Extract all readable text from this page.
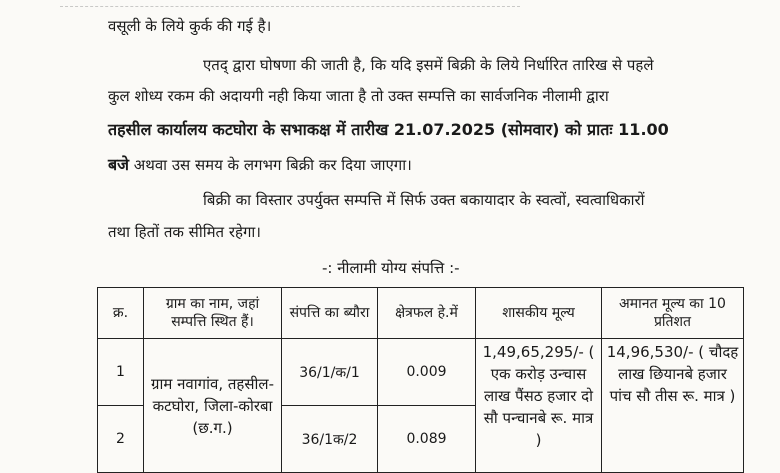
वसूली के लिये कुर्क की गई है।
एतद् द्वारा घोषणा की जाती है, कि यदि इसमें बिक्री के लिये निर्धारित तारिख से पहले
कुल शोध्य रकम की अदायगी नही किया जाता है तो उक्त सम्पत्ति का सार्वजनिक नीलामी द्वारा
तहसील कार्यालय कटघोरा के सभाकक्ष में तारीख 21.07.2025 (सोमवार) को प्रातः 11.00
बजे अथवा उस समय के लगभग बिक्री कर दिया जाएगा।
बिक्री का विस्तार उपर्युक्त सम्पत्ति में सिर्फ उक्त बकायादार के स्वत्वों, स्वत्वाधिकारों
तथा हितों तक सीमित रहेगा।
-: नीलामी योग्य संपत्ति :-
क्र.	ग्राम का नाम, जहां सम्पत्ति स्थित हैं।	संपत्ति का ब्यौरा	क्षेत्रफल हे.में	शासकीय मूल्य	अमानत मूल्य का 10 प्रतिशत
1	ग्राम नवागांव, तहसील- कटघोरा, जिला-कोरबा (छ.ग.)	36/1/क/1	0.009	1,49,65,295/- ( एक करोड़ उन्चास लाख पैंसठ हजार दो सौ पन्चानबे रू. मात्र )	14,96,530/- ( चौदह लाख छियानबे हजार पांच सौ तीस रू. मात्र )
2		36/1क/2	0.089		
